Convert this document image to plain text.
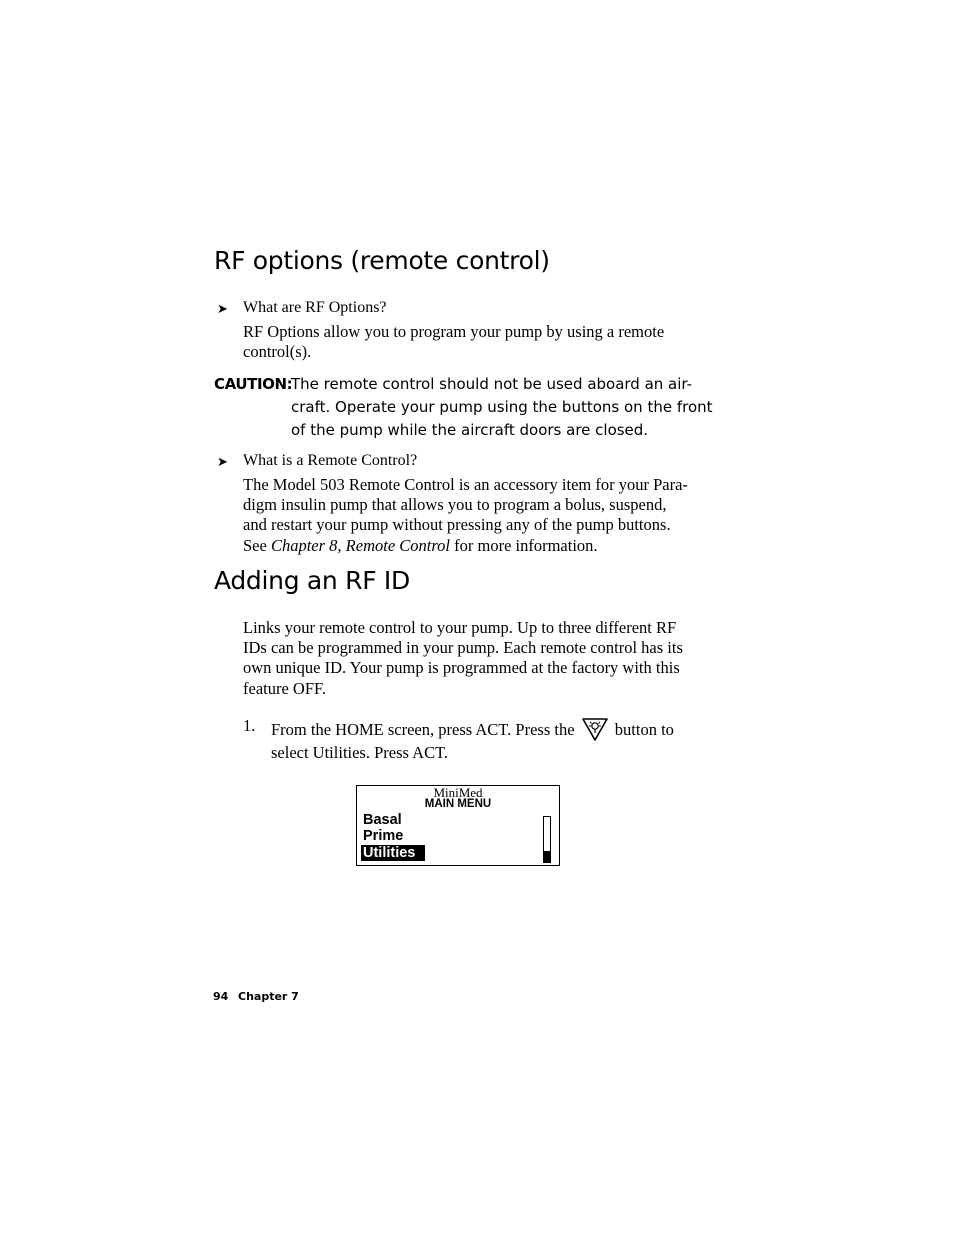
RF options (remote control)
➤ What are RF Options?
RF Options allow you to program your pump by using a remote
control(s).
CAUTION:
The remote control should not be used aboard an air-
craft. Operate your pump using the buttons on the front
of the pump while the aircraft doors are closed.
➤ What is a Remote Control?
The Model 503 Remote Control is an accessory item for your Para-
digm insulin pump that allows you to program a bolus, suspend,
and restart your pump without pressing any of the pump buttons.
See Chapter 8, Remote Control for more information.
Adding an RF ID
Links your remote control to your pump. Up to three different RF
IDs can be programmed in your pump. Each remote control has its
own unique ID. Your pump is programmed at the factory with this
feature OFF.
1. From the HOME screen, press ACT. Press the button to
select Utilities. Press ACT.
MiniMed
MAIN MENU
Basal
Prime
Utilities
94 Chapter 7
